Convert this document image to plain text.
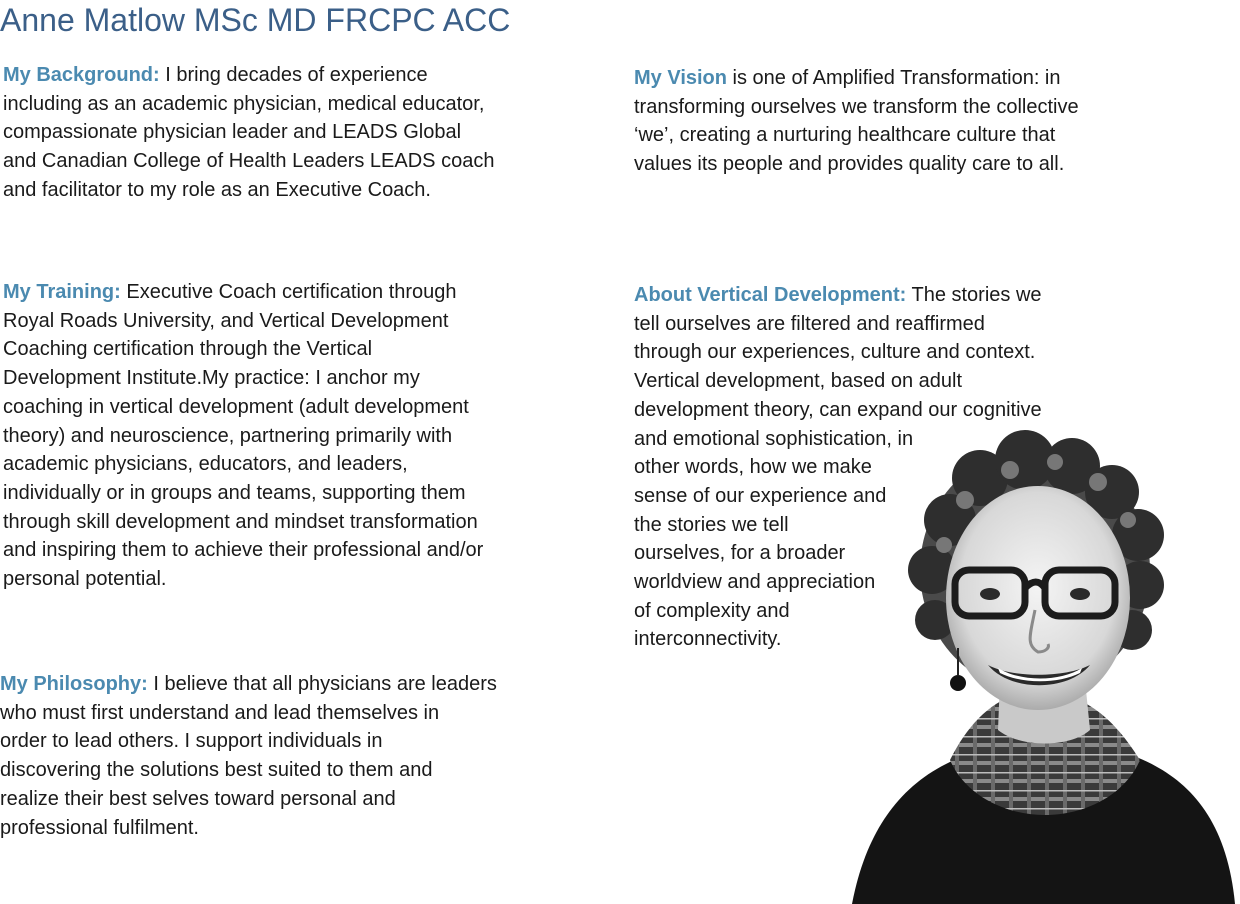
Anne Matlow MSc MD FRCPC ACC
My Background: I bring decades of experience
including as an academic physician, medical educator,
compassionate physician leader and LEADS Global
and Canadian College of Health Leaders LEADS coach
and facilitator to my role as an Executive Coach.
My Vision is one of Amplified Transformation: in
transforming ourselves we transform the collective
‘we’, creating a nurturing healthcare culture that
values its people and provides quality care to all.
My Training: Executive Coach certification through
Royal Roads University, and Vertical Development
Coaching certification through the Vertical
Development Institute.My practice: I anchor my
coaching in vertical development (adult development
theory) and neuroscience, partnering primarily with
academic physicians, educators, and leaders,
individually or in groups and teams, supporting them
through skill development and mindset transformation
and inspiring them to achieve their professional and/or
personal potential.
About Vertical Development: The stories we
tell ourselves are filtered and reaffirmed
through our experiences, culture and context.
Vertical development, based on adult
development theory, can expand our cognitive
and emotional sophistication, in
other words, how we make
sense of our experience and
the stories we tell
ourselves, for a broader
worldview and appreciation
of complexity and
interconnectivity.
My Philosophy: I believe that all physicians are leaders
who must first understand and lead themselves in
order to lead others. I support individuals in
discovering the solutions best suited to them and
realize their best selves toward personal and
professional fulfilment.
